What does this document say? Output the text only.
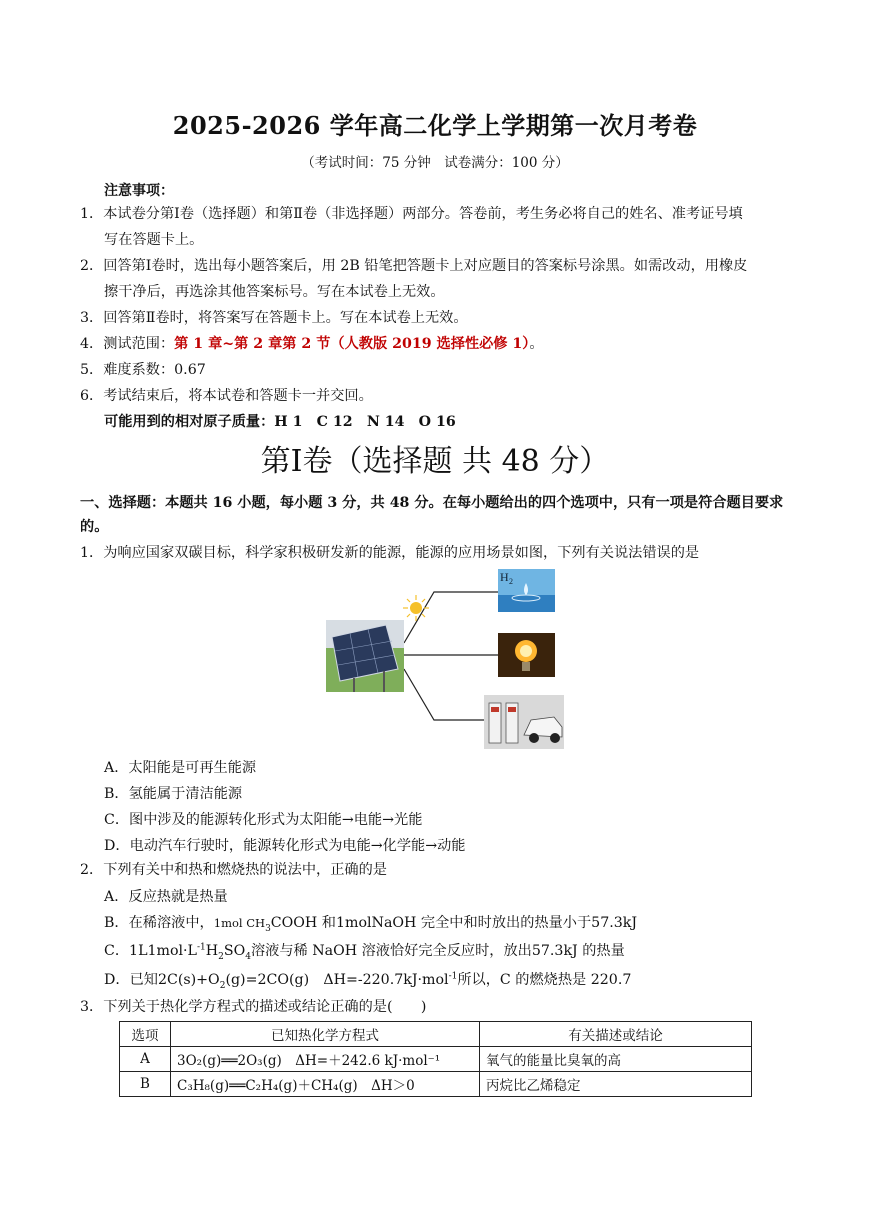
2025-2026 学年高二化学上学期第一次月考卷
（考试时间：75 分钟　试卷满分：100 分）
注意事项：
1．本试卷分第Ⅰ卷（选择题）和第Ⅱ卷（非选择题）两部分。答卷前，考生务必将自己的姓名、准考证号填
写在答题卡上。
2．回答第Ⅰ卷时，选出每小题答案后，用 2B 铅笔把答题卡上对应题目的答案标号涂黑。如需改动，用橡皮
擦干净后，再选涂其他答案标号。写在本试卷上无效。
3．回答第Ⅱ卷时，将答案写在答题卡上。写在本试卷上无效。
4．测试范围：第 1 章~第 2 章第 2 节（人教版 2019 选择性必修 1）。
5．难度系数：0.67
6．考试结束后，将本试卷和答题卡一并交回。
可能用到的相对原子质量：H 1　C 12　N 14　O 16
第Ⅰ卷（选择题 共 48 分）
一、选择题：本题共 16 小题，每小题 3 分，共 48 分。在每小题给出的四个选项中，只有一项是符合题目要求的。
1．为响应国家双碳目标，科学家积极研发新的能源，能源的应用场景如图，下列有关说法错误的是
H 2
A．太阳能是可再生能源
B．氢能属于清洁能源
C．图中涉及的能源转化形式为太阳能→电能→光能
D．电动汽车行驶时，能源转化形式为电能→化学能→动能
2．下列有关中和热和燃烧热的说法中，正确的是
A．反应热就是热量
B．在稀溶液中，1mol $CH_3COOH$ 和1molNaOH 完全中和时放出的热量小于57.3kJ
C．$1L1mol\cdot L^{-1}H_2SO_4$溶液与稀 NaOH 溶液恰好完全反应时，放出57.3kJ 的热量
D．已知$2C(s)+O_2(g)=2CO(g)$　ΔH=-220.7kJ·mol$^{-1}$所以，C 的燃烧热是 220.7
3．下列关于热化学方程式的描述或结论正确的是(　　)
选项	已知热化学方程式	有关描述或结论
A	3O₂(g)══2O₃(g)　ΔH=＋242.6 kJ·mol⁻¹	氧气的能量比臭氧的高
B	C₃H₈(g)══C₂H₄(g)＋CH₄(g)　ΔH＞0	丙烷比乙烯稳定
